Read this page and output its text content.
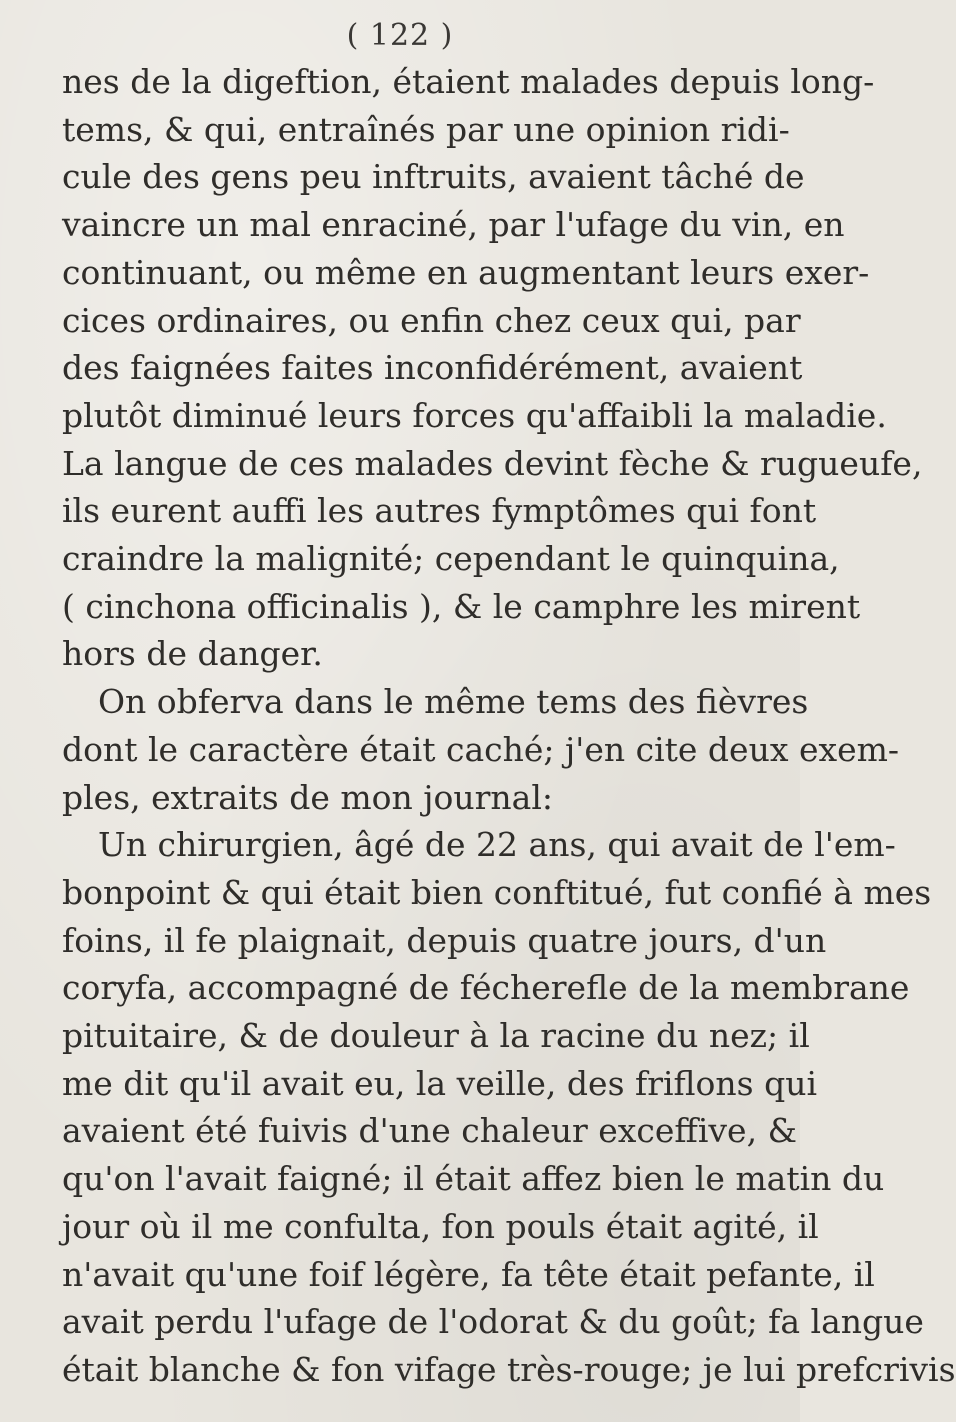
( 122 )
nes de la digeftion, étaient malades depuis long-
tems, & qui, entraînés par une opinion ridi-
cule des gens peu inftruits, avaient tâché de
vaincre un mal enraciné, par l'ufage du vin, en
continuant, ou même en augmentant leurs exer-
cices ordinaires, ou enfin chez ceux qui, par
des faignées faites inconfidérément, avaient
plutôt diminué leurs forces qu'affaibli la maladie.
La langue de ces malades devint fèche & rugueufe,
ils eurent auffi les autres fymptômes qui font
craindre la malignité; cependant le quinquina,
( cinchona officinalis ), & le camphre les mirent
hors de danger.
On obferva dans le même tems des fièvres
dont le caractère était caché; j'en cite deux exem-
ples, extraits de mon journal:
Un chirurgien, âgé de 22 ans, qui avait de l'em-
bonpoint & qui était bien conftitué, fut confié à mes
foins, il fe plaignait, depuis quatre jours, d'un
coryfa, accompagné de fécherefle de la membrane
pituitaire, & de douleur à la racine du nez; il
me dit qu'il avait eu, la veille, des friflons qui
avaient été fuivis d'une chaleur exceffive, &
qu'on l'avait faigné; il était affez bien le matin du
jour où il me confulta, fon pouls était agité, il
n'avait qu'une foif légère, fa tête était pefante, il
avait perdu l'ufage de l'odorat & du goût; fa langue
était blanche & fon vifage très-rouge; je lui prefcrivis
